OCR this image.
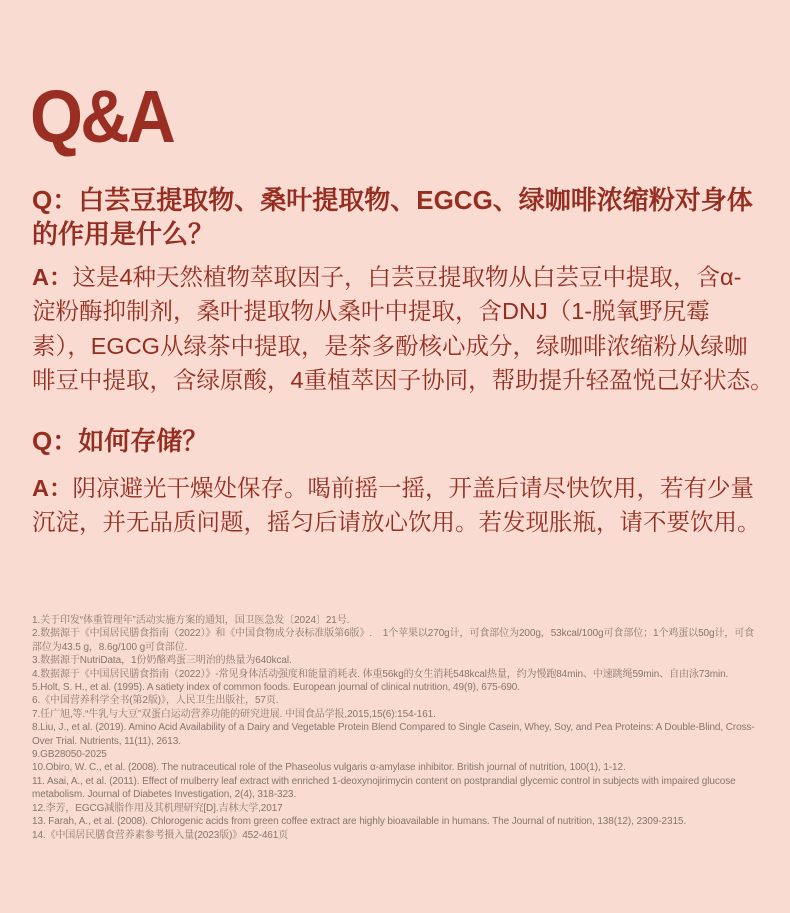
Q&A
Q：白芸豆提取物、桑叶提取物、EGCG、绿咖啡浓缩粉对身体
的作用是什么？
A：这是4种天然植物萃取因子，白芸豆提取物从白芸豆中提取，含α-
淀粉酶抑制剂，桑叶提取物从桑叶中提取，含DNJ（1-脱氧野尻霉
素），EGCG从绿茶中提取，是茶多酚核心成分，绿咖啡浓缩粉从绿咖
啡豆中提取，含绿原酸，4重植萃因子协同，帮助提升轻盈悦己好状态。
Q：如何存储？
A：阴凉避光干燥处保存。喝前摇一摇，开盖后请尽快饮用，若有少量
沉淀，并无品质问题，摇匀后请放心饮用。若发现胀瓶，请不要饮用。
1.关于印发“体重管理年”活动实施方案的通知，国卫医急发〔2024〕21号.
2.数据源于《中国居民膳食指南（2022）》和《中国食物成分表标准版第6版》.    1个苹果以270g计，可食部位为200g，53kcal/100g可食部位；1个鸡蛋以50g计，可食部位为43.5 g，8.6g/100 g可食部位.
3.数据源于NutriData，1份奶酪鸡蛋三明治的热量为640kcal.
4.数据源于《中国居民膳食指南（2022）》-常见身体活动强度和能量消耗表. 体重56kg的女生消耗548kcal热量，约为慢跑84min、中速跳绳59min、自由泳73min.
5.Holt, S. H., et al. (1995). A satiety index of common foods. European journal of clinical nutrition, 49(9), 675-690.
6.《中国营养科学全书(第2版)》，人民卫生出版社，57页.
7.任广旭,等.“牛乳与大豆”双蛋白运动营养功能的研究进展. 中国食品学报,2015,15(6):154-161.
8.Liu, J., et al. (2019). Amino Acid Availability of a Dairy and Vegetable Protein Blend Compared to Single Casein, Whey, Soy, and Pea Proteins: A Double-Blind, Cross-Over Trial. Nutrients, 11(11), 2613.
9.GB28050-2025
10.Obiro, W. C., et al. (2008). The nutraceutical role of the Phaseolus vulgaris α-amylase inhibitor. British journal of nutrition, 100(1), 1-12.
11. Asai, A., et al. (2011). Effect of mulberry leaf extract with enriched 1-deoxynojirimycin content on postprandial glycemic control in subjects with impaired glucose metabolism. Journal of Diabetes Investigation, 2(4), 318-323.
12.李芳，EGCG减脂作用及其机理研究[D].吉林大学,2017
13. Farah, A., et al. (2008). Chlorogenic acids from green coffee extract are highly bioavailable in humans. The Journal of nutrition, 138(12), 2309-2315.
14.《中国居民膳食营养素参考摄入量(2023版)》452-461页
